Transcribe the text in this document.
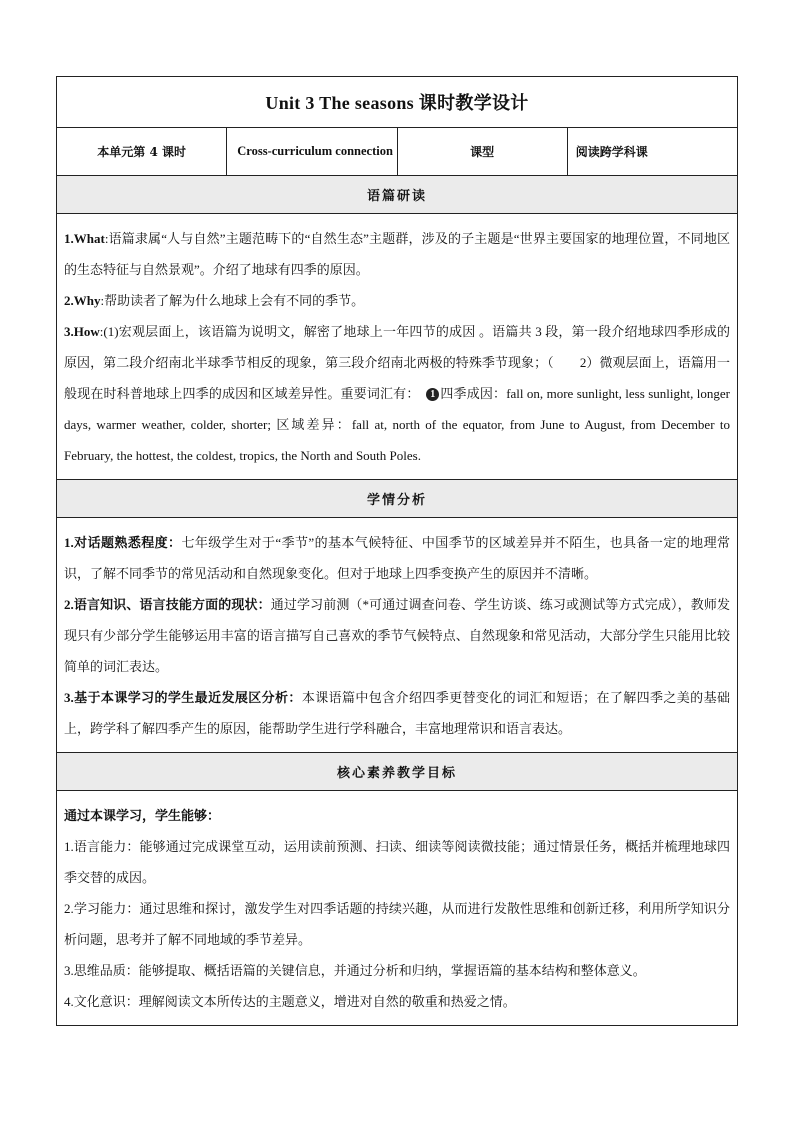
Unit 3 The seasons 课时教学设计
本单元第 4 课时	Cross-curriculum connection	课型	阅读跨学科课
语篇研读

1.What:语篇隶属“人与自然”主题范畴下的“自然生态”主题群，涉及的子主题是“世界主要国家的地理位置，不同地区的生态特征与自然景观”。介绍了地球有四季的原因。

2.Why:帮助读者了解为什么地球上会有不同的季节。

3.How:(1)宏观层面上，该语篇为说明文，解密了地球上一年四节的成因 。语篇共 3 段，第一段介绍地球四季形成的原因，第二段介绍南北半球季节相反的现象，第三段介绍南北两极的特殊季节现象；（　　2）微观层面上，语篇用一般现在时科普地球上四季的成因和区域差异性。重要词汇有：　 1 四季成因：fall on, more sunlight, less sunlight, longer days, warmer weather, colder, shorter; 区域差异：fall at, north of the equator, from June to August, from December to February, the hottest, the coldest, tropics, the North and South Poles.

学情分析

1.对话题熟悉程度：七年级学生对于“季节”的基本气候特征、中国季节的区域差异并不陌生，也具备一定的地理常识，了解不同季节的常见活动和自然现象变化。但对于地球上四季变换产生的原因并不清晰。

2.语言知识、语言技能方面的现状：通过学习前测（*可通过调查问卷、学生访谈、练习或测试等方式完成），教师发现只有少部分学生能够运用丰富的语言描写自己喜欢的季节气候特点、自然现象和常见活动，大部分学生只能用比较简单的词汇表达。

3.基于本课学习的学生最近发展区分析：本课语篇中包含介绍四季更替变化的词汇和短语；在了解四季之美的基础上，跨学科了解四季产生的原因，能帮助学生进行学科融合，丰富地理常识和语言表达。

核心素养教学目标

通过本课学习，学生能够：

1.语言能力：能够通过完成课堂互动，运用读前预测、扫读、细读等阅读微技能；通过情景任务，概括并梳理地球四季交替的成因。

2.学习能力：通过思维和探讨，激发学生对四季话题的持续兴趣，从而进行发散性思维和创新迁移，利用所学知识分析问题，思考并了解不同地域的季节差异。

3.思维品质：能够提取、概括语篇的关键信息，并通过分析和归纳，掌握语篇的基本结构和整体意义。

4.文化意识：理解阅读文本所传达的主题意义，增进对自然的敬重和热爱之情。
